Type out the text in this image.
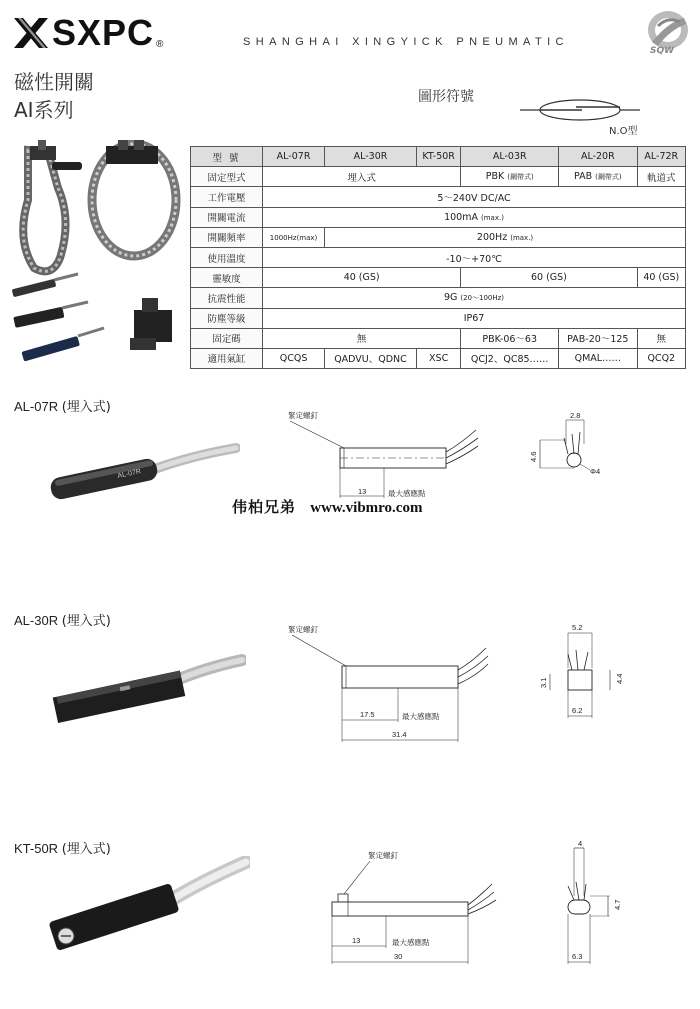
SXPC ®	SHANGHAI XINGYICK PNEUMATIC
SQW
磁性開關
AI系列
圖形符號
N.O型
型 號	AL-07R	AL-30R	KT-50R	AL-03R	AL-20R	AL-72R
固定型式	埋入式			PBK (鋼帶式)	PAB (鋼帶式)	軌道式
工作電壓	5～240V DC/AC					
開關電流	100mA (max.)					
開關頻率	1000Hz(max)	200Hz (max.)				
使用溫度	-10～+70℃					
靈敏度	40 (GS)			60 (GS)		40 (GS)
抗震性能	9G (20～100Hz)					
防塵等級	IP67					
固定碼	無			PBK-06～63	PAB-20～125	無
適用氣缸	QCQS	QADVU、QDNC	XSC	QCJ2、QC85……	QMAL……	QCQ2
AL-07R (埋入式)
AL-07R
緊定螺釘
13	最大感應點
2.8
4.6
Φ4
伟柏兄弟 www.vibmro.com
AL-30R (埋入式)
緊定螺釘
17.5	最大感應點
31.4
5.2
3.1	4.4
6.2
KT-50R (埋入式)	緊定螺釘
13	最大感應點
30
4
4.7
6.3
